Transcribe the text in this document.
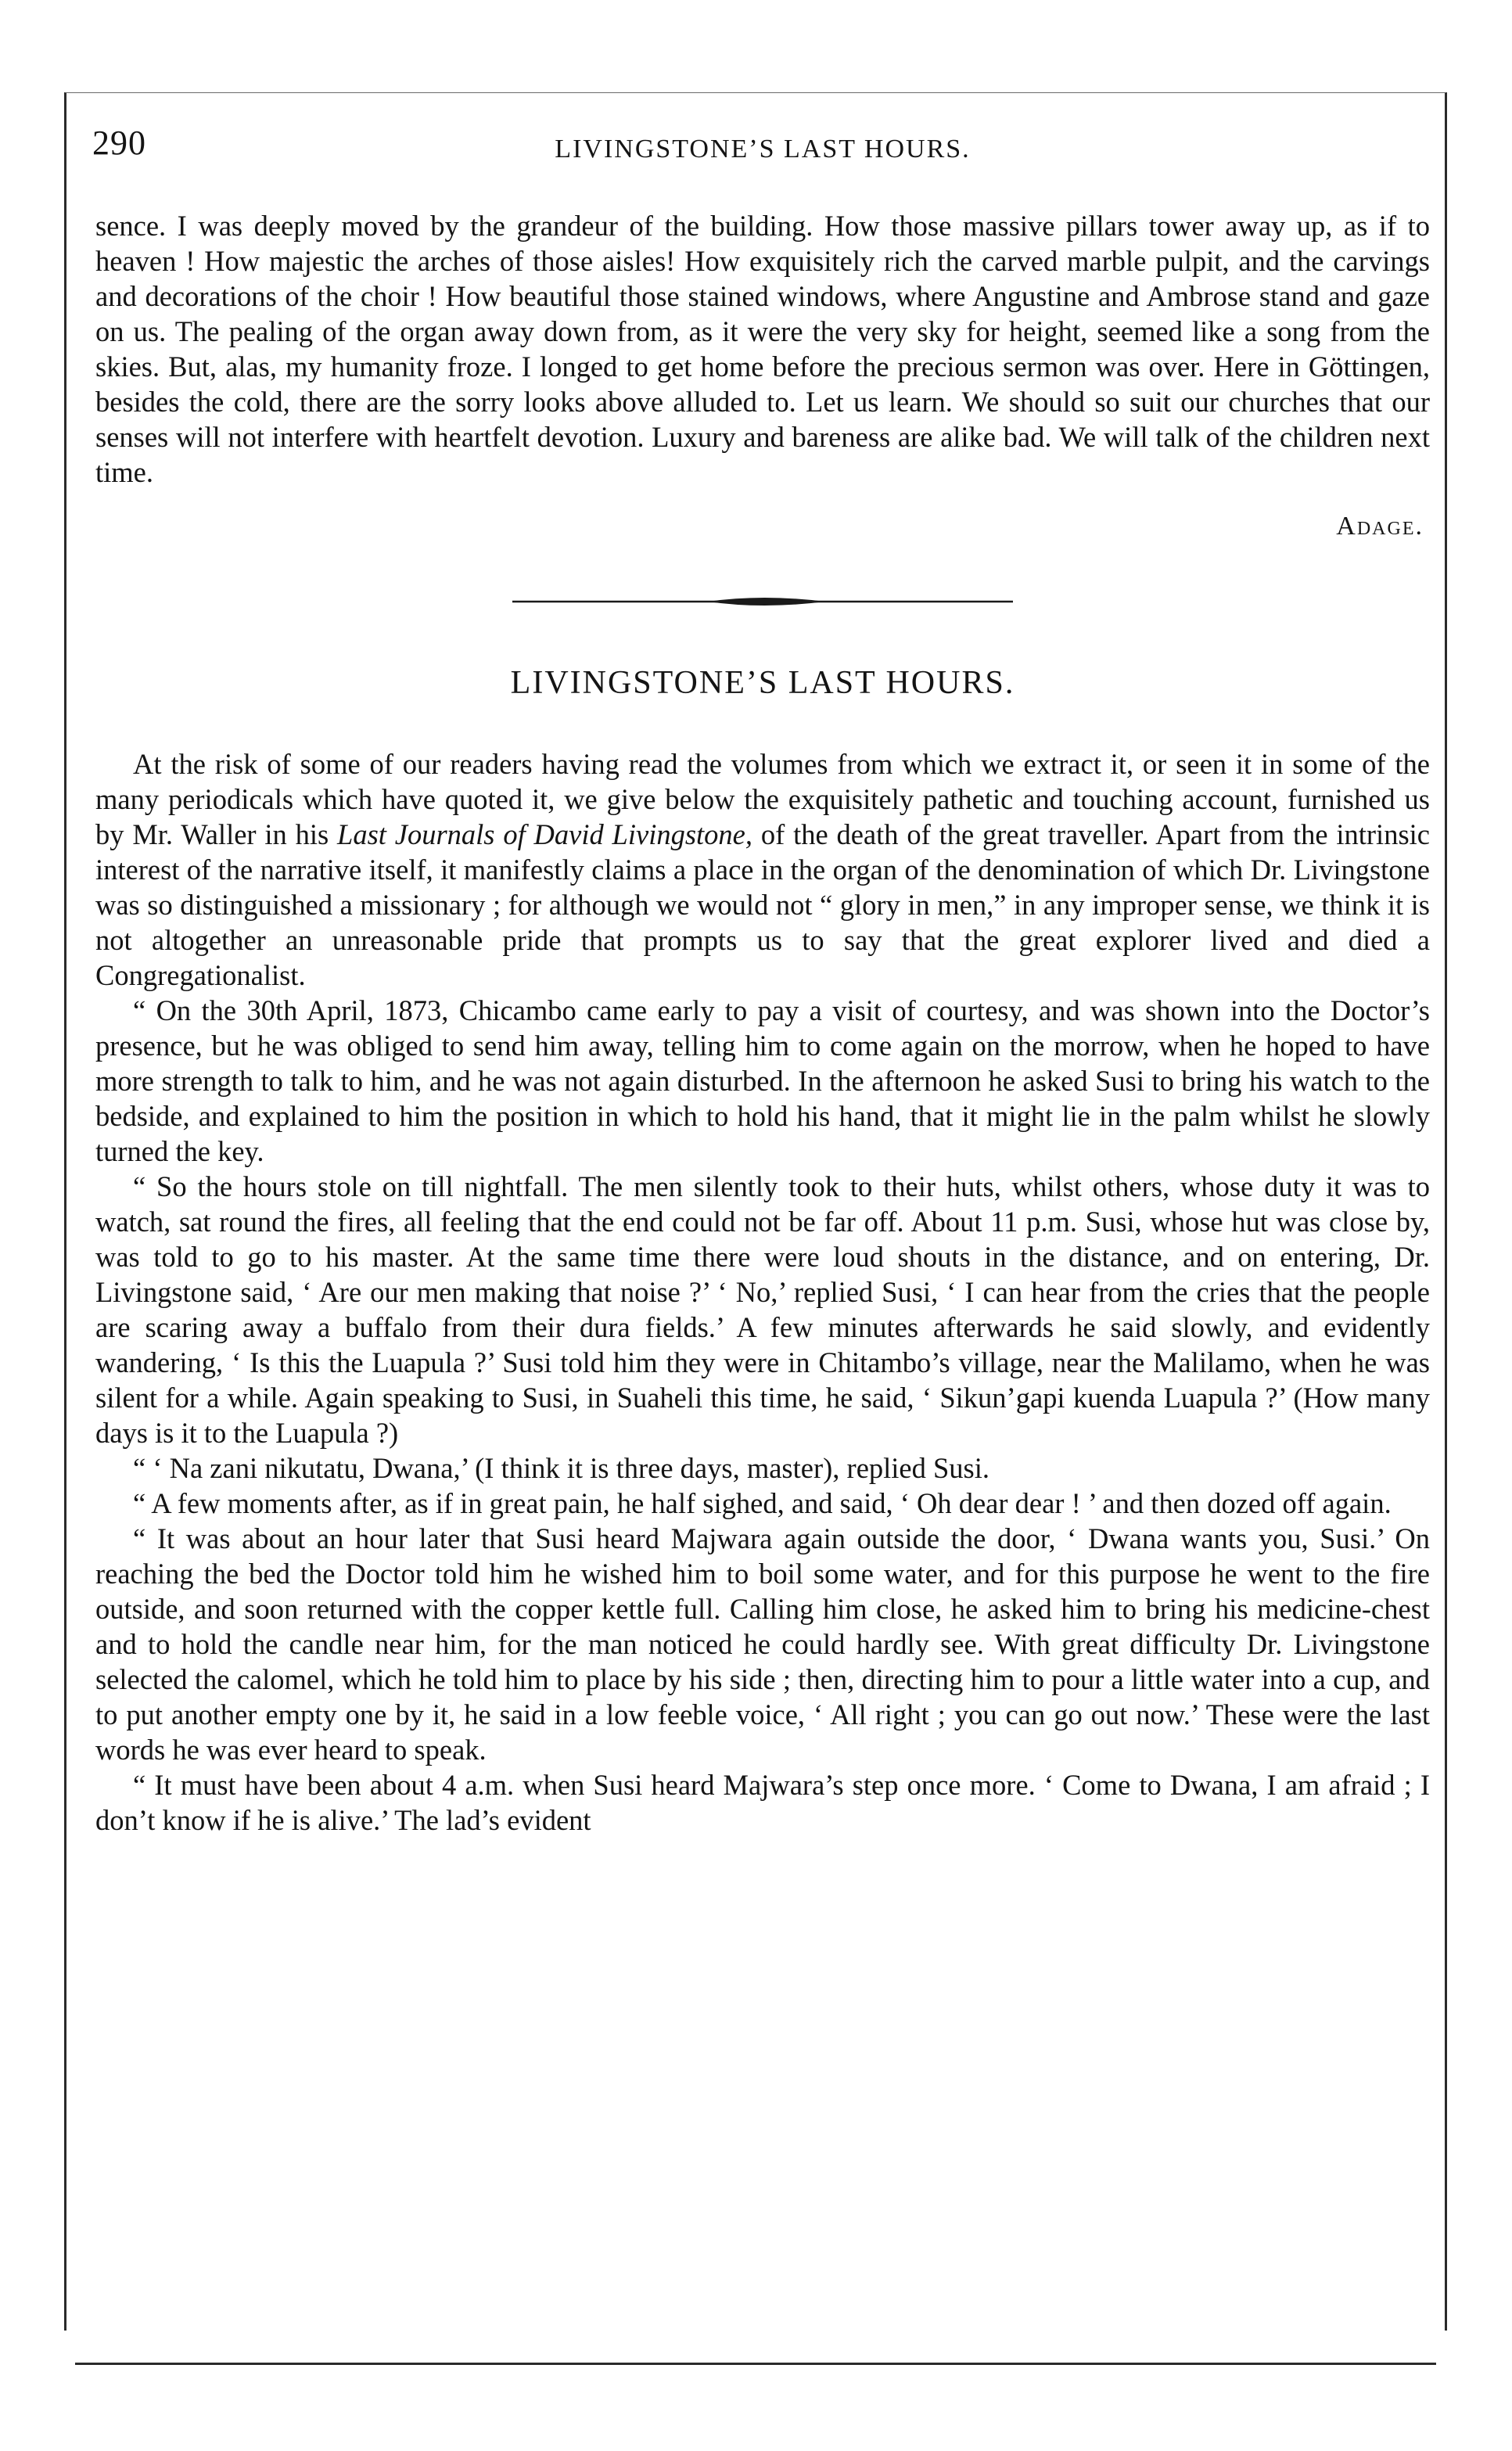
290	LIVINGSTONE’S LAST HOURS.

sence. I was deeply moved by the grandeur of the building. How those massive pillars tower away up, as if to heaven ! How majestic the arches of those aisles! How exquisitely rich the carved marble pulpit, and the carvings and decorations of the choir ! How beautiful those stained windows, where Angustine and Ambrose stand and gaze on us. The pealing of the organ away down from, as it were the very sky for height, seemed like a song from the skies. But, alas, my humanity froze. I longed to get home before the precious sermon was over. Here in Göttingen, besides the cold, there are the sorry looks above alluded to. Let us learn. We should so suit our churches that our senses will not interfere with heartfelt devotion. Luxury and bareness are alike bad. We will talk of the children next time.

Adage.
LIVINGSTONE’S LAST HOURS.

At the risk of some of our readers having read the volumes from which we extract it, or seen it in some of the many periodicals which have quoted it, we give below the exquisitely pathetic and touching account, furnished us by Mr. Waller in his Last Journals of David Livingstone, of the death of the great traveller. Apart from the intrinsic interest of the narrative itself, it manifestly claims a place in the organ of the denomination of which Dr. Livingstone was so distinguished a missionary ; for although we would not “ glory in men,” in any improper sense, we think it is not altogether an unreasonable pride that prompts us to say that the great explorer lived and died a Congregationalist.

“ On the 30th April, 1873, Chicambo came early to pay a visit of courtesy, and was shown into the Doctor’s presence, but he was obliged to send him away, telling him to come again on the morrow, when he hoped to have more strength to talk to him, and he was not again disturbed. In the afternoon he asked Susi to bring his watch to the bedside, and explained to him the position in which to hold his hand, that it might lie in the palm whilst he slowly turned the key.

“ So the hours stole on till nightfall. The men silently took to their huts, whilst others, whose duty it was to watch, sat round the fires, all feeling that the end could not be far off. About 11 p.m. Susi, whose hut was close by, was told to go to his master. At the same time there were loud shouts in the distance, and on entering, Dr. Livingstone said, ‘ Are our men making that noise ?’ ‘ No,’ replied Susi, ‘ I can hear from the cries that the people are scaring away a buffalo from their dura fields.’ A few minutes afterwards he said slowly, and evidently wandering, ‘ Is this the Luapula ?’ Susi told him they were in Chitambo’s village, near the Malilamo, when he was silent for a while. Again speaking to Susi, in Suaheli this time, he said, ‘ Sikun’gapi kuenda Luapula ?’ (How many days is it to the Luapula ?)

“ ‘ Na zani nikutatu, Dwana,’ (I think it is three days, master), replied Susi.

“ A few moments after, as if in great pain, he half sighed, and said, ‘ Oh dear dear ! ’ and then dozed off again.

“ It was about an hour later that Susi heard Majwara again outside the door, ‘ Dwana wants you, Susi.’ On reaching the bed the Doctor told him he wished him to boil some water, and for this purpose he went to the fire outside, and soon returned with the copper kettle full. Calling him close, he asked him to bring his medicine-chest and to hold the candle near him, for the man noticed he could hardly see. With great difficulty Dr. Livingstone selected the calomel, which he told him to place by his side ; then, directing him to pour a little water into a cup, and to put another empty one by it, he said in a low feeble voice, ‘ All right ; you can go out now.’ These were the last words he was ever heard to speak.

“ It must have been about 4 a.m. when Susi heard Majwara’s step once more. ‘ Come to Dwana, I am afraid ; I don’t know if he is alive.’ The lad’s evident
